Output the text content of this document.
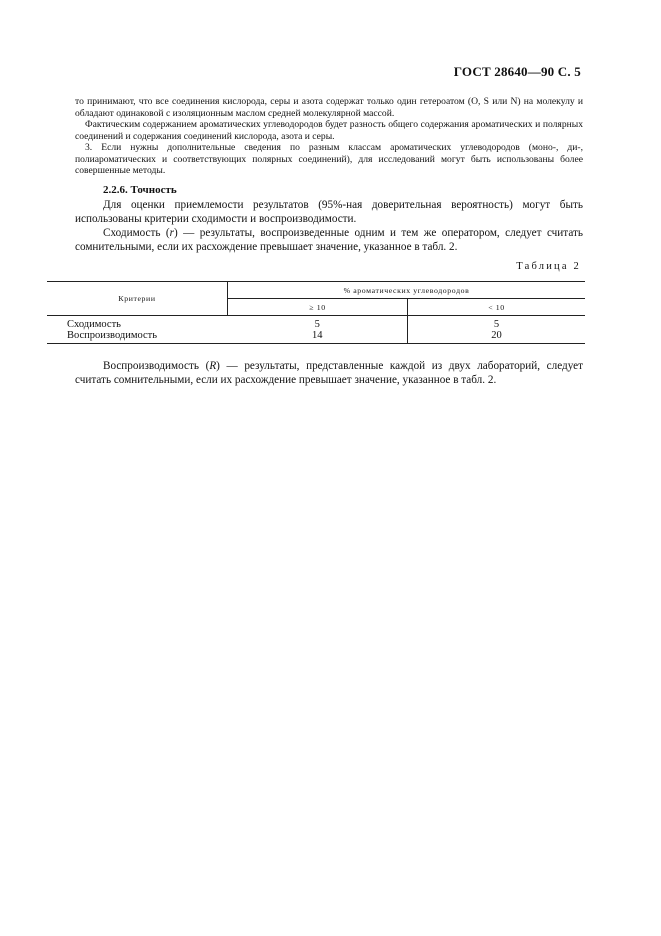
ГОСТ 28640—90 С. 5

то принимают, что все соединения кислорода, серы и азота содержат только один гетероатом (O, S или N) на молекулу и обладают одинаковой с изоляционным маслом средней молекулярной массой.

Фактическим содержанием ароматических углеводородов будет разность общего содержания ароматических и полярных соединений и содержания соединений кислорода, азота и серы.

3. Если нужны дополнительные сведения по разным классам ароматических углеводородов (моно-, ди-, полиароматических и соответствующих полярных соединений), для исследований могут быть использованы более совершенные методы.

2.2.6. Точность

Для оценки приемлемости результатов (95%-ная доверительная вероятность) могут быть использованы критерии сходимости и воспроизводимости.

Сходимость (r) — результаты, воспроизведенные одним и тем же оператором, следует считать сомнительными, если их расхождение превышает значение, указанное в табл. 2.

Таблица 2
Критерии	% ароматических углеводородов	
	≥ 10	< 10
Сходимость	5	5
Воспроизводимость	14	20

Воспроизводимость (R) — результаты, представленные каждой из двух лабораторий, следует считать сомнительными, если их расхождение превышает значение, указанное в табл. 2.
